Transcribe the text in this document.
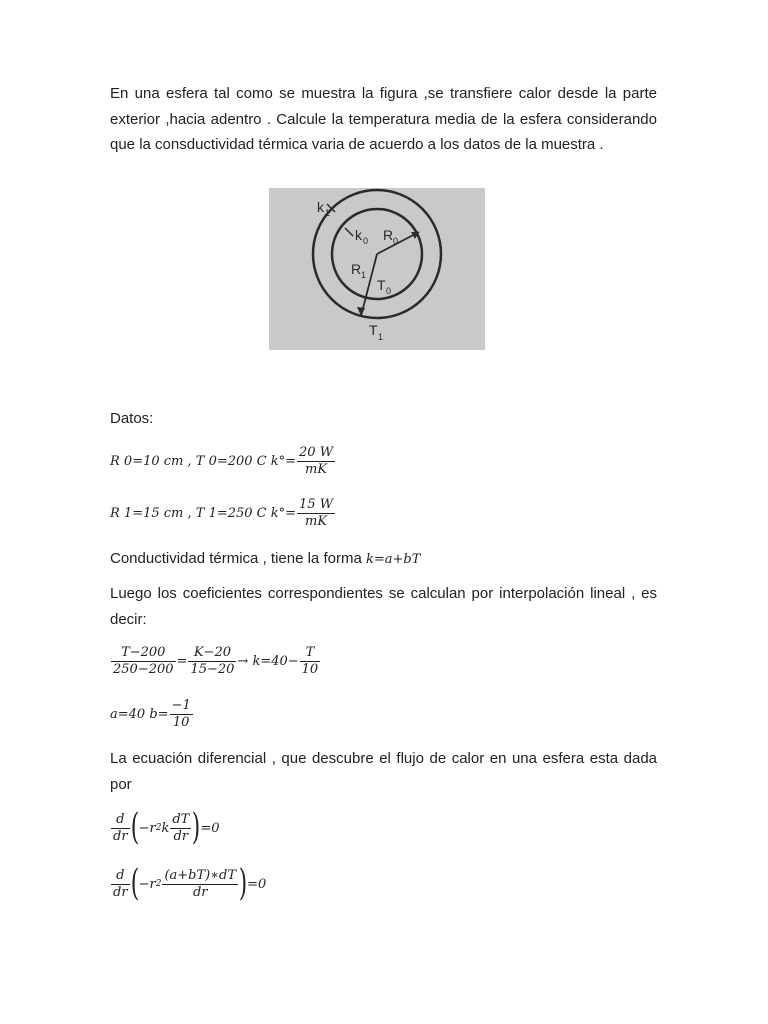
En una esfera tal como se muestra la figura ,se transfiere calor desde la parte exterior ,hacia adentro . Calcule la temperatura media de la esfera considerando que la consductividad térmica varia de acuerdo a los datos de la muestra .

k 1
k 0 R 0
R 1
T 0
T 1

Datos:

R 0=10 cm , T 0=200 C $k^\circ= \frac{20 W}{mK}$
R 1=15 cm , T 1=250 C $k^\circ= \frac{15 W}{mK}$

Conductividad térmica , tiene la forma k=a+bT

Luego los coeficientes correspondientes se calculan por interpolación lineal , es decir:

$\frac{T-200}{250-200} = \frac{K-20}{15-20} \to k=40- \frac{T}{10}$
a=40 $b= \frac{-1}{10}$

La ecuación diferencial , que descubre el flujo de calor en una esfera esta dada por

$\frac{d}{dr}$ ( −r 2 k $\frac{dT}{dr}$ ) =0
$\frac{d}{dr}$ ( −r $2 \frac{(a+bT)∗dT}{dr}$ ) =0
